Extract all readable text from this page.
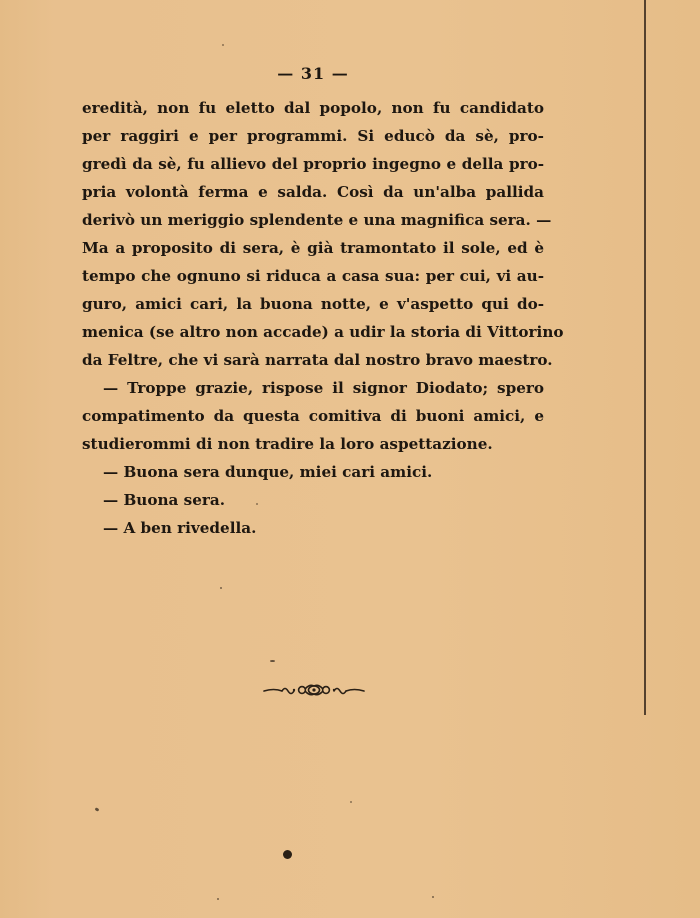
— 31 —
eredità, non fu eletto dal popolo, non fu candidato
per raggiri e per programmi. Si educò da sè, pro-
gredì da sè, fu allievo del proprio ingegno e della pro-
pria volontà ferma e salda. Così da un'alba pallida
derivò un meriggio splendente e una magnifica sera. —
Ma a proposito di sera, è già tramontato il sole, ed è
tempo che ognuno si riduca a casa sua: per cui, vi au-
guro, amici cari, la buona notte, e v'aspetto qui do-
menica (se altro non accade) a udir la storia di Vittorino
da Feltre, che vi sarà narrata dal nostro bravo maestro.
— Troppe grazie, rispose il signor Diodato; spero
compatimento da questa comitiva di buoni amici, e
studierommi di non tradire la loro aspettazione.
— Buona sera dunque, miei cari amici.
— Buona sera.
— A ben rivedella.
